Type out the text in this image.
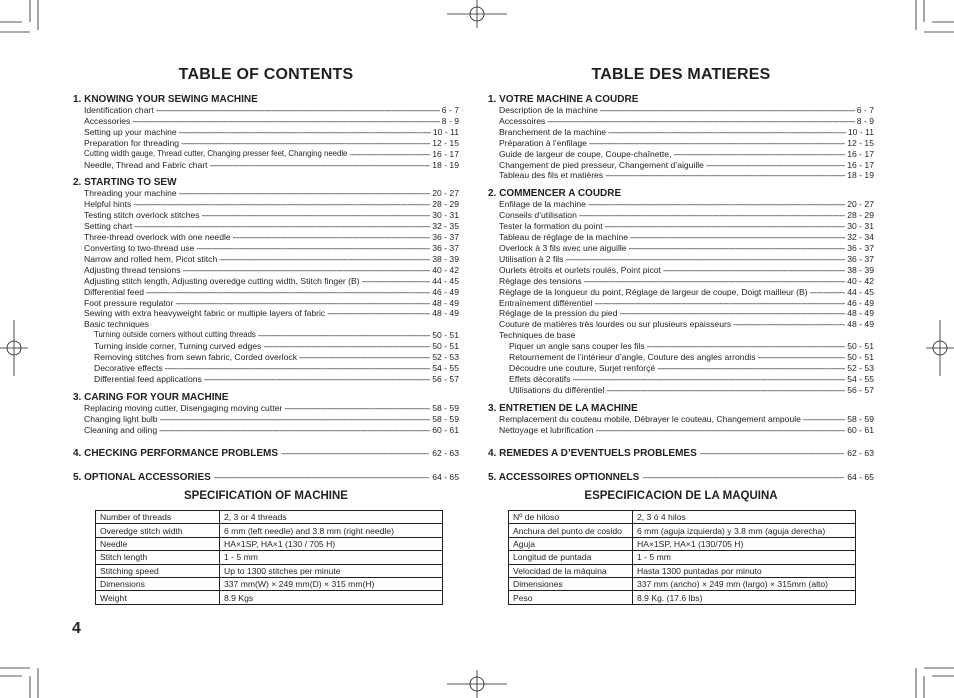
TABLE OF CONTENTS
1. KNOWING YOUR SEWING MACHINE
Identification chart -----	6 - 7
Accessories -----	8 - 9
Setting up your machine -----	10 - 11
Preparation for threading -----	12 - 15
Cutting width gauge, Thread cutter, Changing presser feet, Changing needle -----	16 - 17
Needle, Thread and Fabric chart -----	18 - 19
2. STARTING TO SEW
Threading your machine -----	20 - 27
Helpful hints -----	28 - 29
Testing stitch overlock stitches -----	30 - 31
Setting chart -----	32 - 35
Three-thread overlock with one needle -----	36 - 37
Converting to two-thread use -----	36 - 37
Narrow and rolled hem, Picot stitch -----	38 - 39
Adjusting thread tensions -----	40 - 42
Adjusting stitch length, Adjusting overedge cutting width, Stitch finger (B) -----	44 - 45
Differential feed -----	46 - 49
Foot pressure regulator -----	48 - 49
Sewing with extra heavyweight fabric or multiple layers of fabric -----	48 - 49
Basic techniques
Turning outside corners without cutting threads -----	50 - 51
Turning inside corner, Turning curved edges -----	50 - 51
Removing stitches from sewn fabric, Corded overlock -----	52 - 53
Decorative effects -----	54 - 55
Differential feed applications -----	56 - 57
3. CARING FOR YOUR MACHINE
Replacing moving cutter, Disengaging moving cutter -----	58 - 59
Changing light bulb -----	58 - 59
Cleaning and oiling -----	60 - 61
4. CHECKING PERFORMANCE PROBLEMS -----	62 - 63
5. OPTIONAL ACCESSORIES -----	64 - 65
TABLE DES MATIERES
1. VOTRE MACHINE A COUDRE
Description de la machine -----	6 - 7
Accessoires -----	8 - 9
Branchement de la machine -----	10 - 11
Préparation à l’enfilage -----	12 - 15
Guide de largeur de coupe, Coupe-chaînette, -----	16 - 17
Changement de pied presseur, Changement d’aiguille -----	16 - 17
Tableau des fils et matières -----	18 - 19
2. COMMENCER A COUDRE
Enfilage de la machine -----	20 - 27
Conseils d’utilisation -----	28 - 29
Tester la formation du point -----	30 - 31
Tableau de réglage de la machine -----	32 - 34
Overlock à 3 fils avec une aiguille -----	36 - 37
Utilisation à 2 fils -----	36 - 37
Ourlets étroits et ourlets roulés, Point picot -----	38 - 39
Réglage des tensions -----	40 - 42
Réglage de la longueur du point, Réglage de largeur de coupe, Doigt mailleur (B) -----	44 - 45
Entraînement différentiel -----	46 - 49
Réglage de la pression du pied -----	48 - 49
Couture de matières très lourdes ou sur plusieurs epaisseurs -----	48 - 49
Techniques de base
Piquer un angle sans couper les fils -----	50 - 51
Retournement de l’intérieur d’angle, Couture des angles arrondis -----	50 - 51
Découdre une couture, Surjet renforçé -----	52 - 53
Effets décoratifs -----	54 - 55
Utilisations du différentiel -----	56 - 57
3. ENTRETIEN DE LA MACHINE
Remplacement du couteau mobile, Débrayer le couteau, Changement ampoule -----	58 - 59
Nettoyage et lubrification -----	60 - 61
4. REMEDES A D’EVENTUELS PROBLEMES -----	62 - 63
5. ACCESSOIRES OPTIONNELS -----	64 - 65
SPECIFICATION OF MACHINE
Number of threads	2, 3 or 4 threads
Overedge stitch width	6 mm (left needle) and 3.8 mm (right needle)
Needle	HA×1SP, HA×1 (130 / 705 H)
Stitch length	1 - 5 mm
Stitching speed	Up to 1300 stitches per minute
Dimensions	337 mm(W) × 249 mm(D) × 315 mm(H)
Weight	8.9 Kgs
ESPECIFICACION DE LA MAQUINA
Nº de hiloso	2, 3 ó 4 hilos
Anchura del punto de cosido	6 mm (aguja izquierda) y 3.8 mm (aguja derecha)
Aguja	HA×1SP, HA×1 (130/705 H)
Longitud de puntada	1 - 5 mm
Velocidad de la máquina	Hasta 1300 puntadas por minuto
Dimensiones	337 mm (ancho) × 249 mm (largo) × 315mm (alto)
Peso	8.9 Kg. (17.6 lbs)
4
